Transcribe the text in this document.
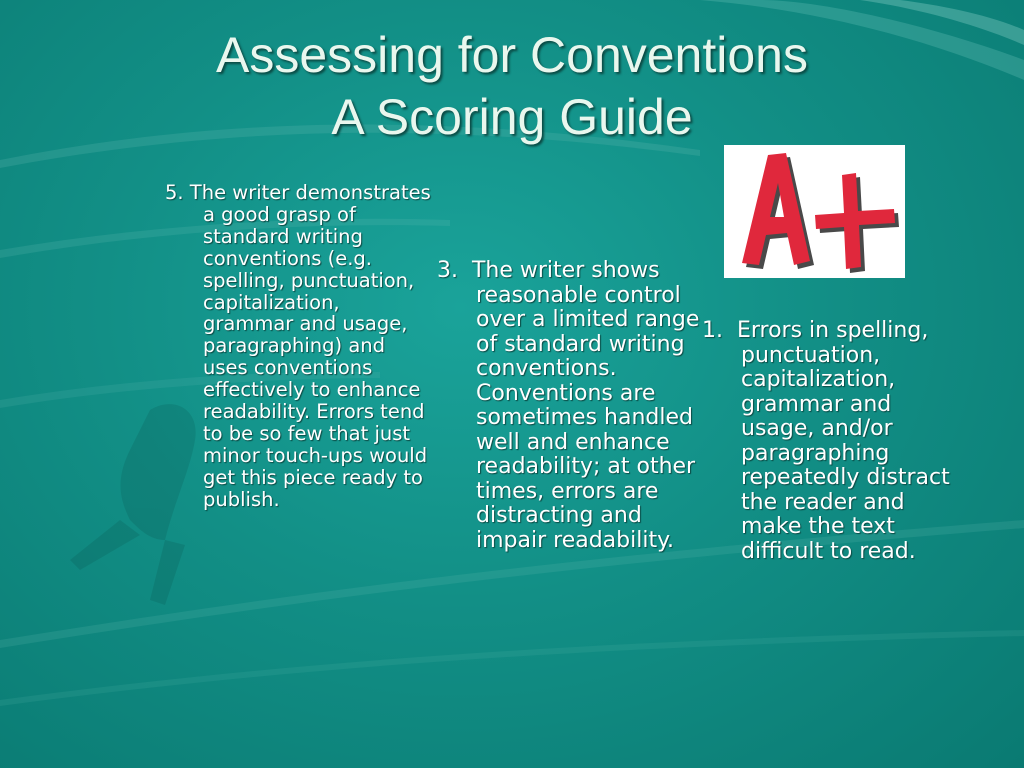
Assessing for Conventions
A Scoring Guide
5. The writer demonstrates a good grasp of standard writing conventions (e.g. spelling, punctuation, capitalization, grammar and usage, paragraphing) and uses conventions effectively to enhance readability. Errors tend to be so few that just minor touch-ups would get this piece ready to publish.
3.  The writer shows reasonable control over a limited range of standard writing conventions. Conventions are sometimes handled well and enhance readability; at other times, errors are distracting and impair readability.
1.  Errors in spelling, punctuation, capitalization, grammar and usage, and/or paragraphing repeatedly distract the reader and make the text difficult to read.
